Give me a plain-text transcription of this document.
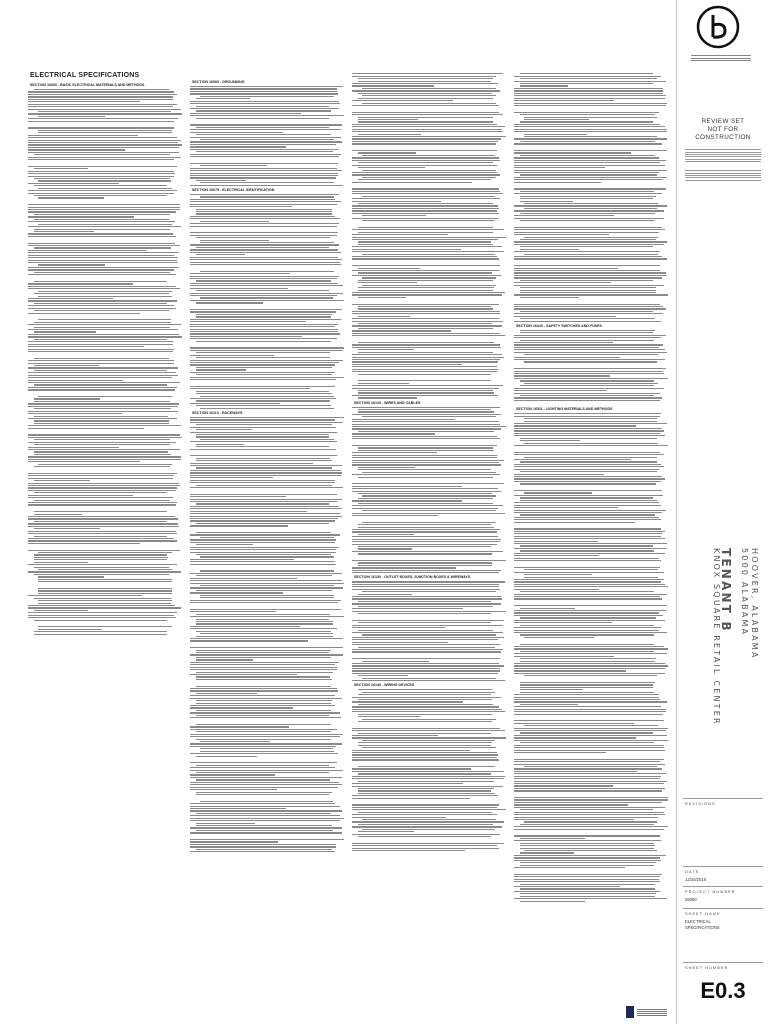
ELECTRICAL SPECIFICATIONS
SECTION 16000 - BASIC ELECTRICAL MATERIALS AND METHODS
SECTION 16060 - GROUNDING
SECTION 16075 - ELECTRICAL IDENTIFICATION
SECTION 16110 - RACEWAYS
SECTION 16120 - WIRES AND CABLES
SECTION 16130 - OUTLET BOXES, JUNCTION BOXES & WIREWAYS
SECTION 16140 - WIRING DEVICES
SECTION 16410 - SAFETY SWITCHES AND FUSES
SECTION 16511 - LIGHTING MATERIALS AND METHODS
REVIEW SET
NOT FOR
CONSTRUCTION
KNOX SQUARE RETAIL CENTER
TENANT B 5000 ALABAMA HOOVER, ALABAMA
REVISIONS
DATE
12/20/2018
PROJECT NUMBER
26060
SHEET NAME
ELECTRICAL
SPECIFICATIONS
SHEET NUMBER
E0.3
